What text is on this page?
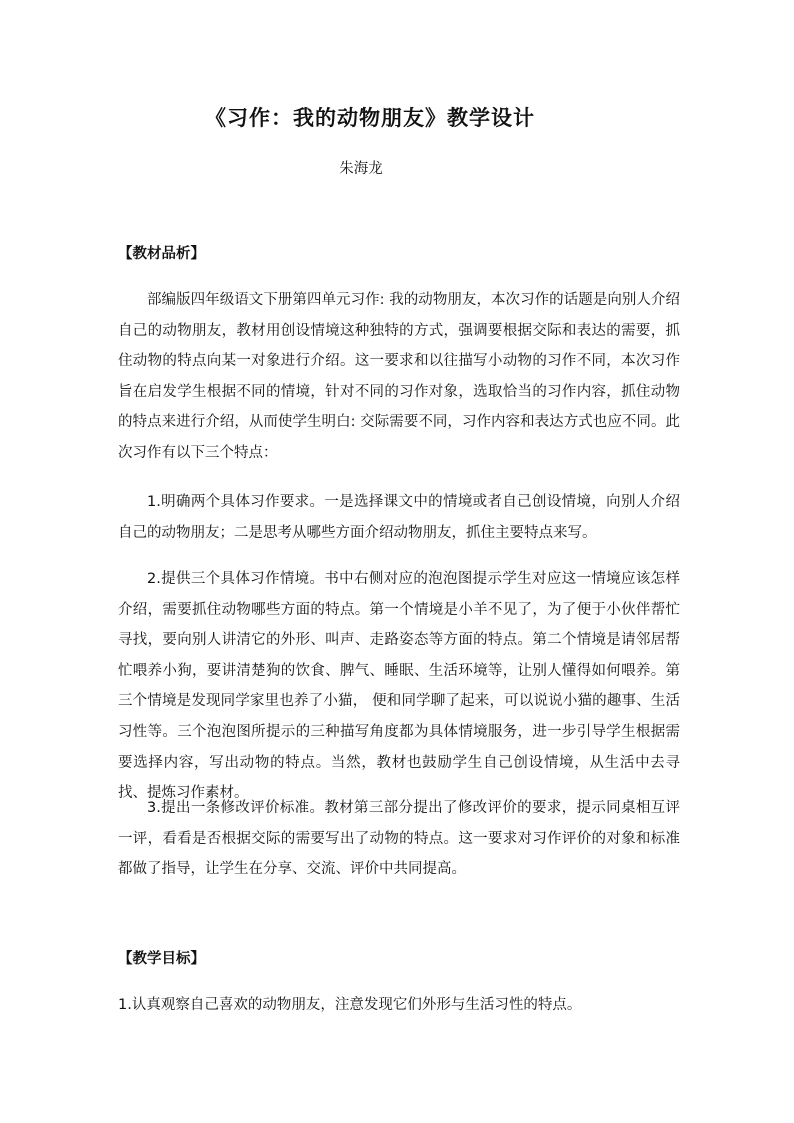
《习作：我的动物朋友》教学设计
朱海龙
【教材品析】

部编版四年级语文下册第四单元习作: 我的动物朋友，本次习作的话题是向别人介绍自己的动物朋友，教材用创设情境这种独特的方式，强调要根据交际和表达的需要，抓住动物的特点向某一对象进行介绍。这一要求和以往描写小动物的习作不同，本次习作旨在启发学生根据不同的情境，针对不同的习作对象，选取恰当的习作内容，抓住动物的特点来进行介绍，从而使学生明白: 交际需要不同，习作内容和表达方式也应不同。此次习作有以下三个特点：

1.明确两个具体习作要求。一是选择课文中的情境或者自己创设情境，向别人介绍自己的动物朋友；二是思考从哪些方面介绍动物朋友，抓住主要特点来写。

2.提供三个具体习作情境。书中右侧对应的泡泡图提示学生对应这一情境应该怎样介绍，需要抓住动物哪些方面的特点。第一个情境是小羊不见了，为了便于小伙伴帮忙寻找，要向别人讲清它的外形、叫声、走路姿态等方面的特点。第二个情境是请邻居帮忙喂养小狗，要讲清楚狗的饮食、脾气、睡眠、生活环境等，让别人懂得如何喂养。第三个情境是发现同学家里也养了小猫， 便和同学聊了起来，可以说说小猫的趣事、生活习性等。三个泡泡图所提示的三种描写角度都为具体情境服务，进一步引导学生根据需要选择内容，写出动物的特点。当然，教材也鼓励学生自己创设情境，从生活中去寻找、提炼习作素材。

3.提出一条修改评价标准。教材第三部分提出了修改评价的要求，提示同桌相互评一评，看看是否根据交际的需要写出了动物的特点。这一要求对习作评价的对象和标准都做了指导，让学生在分享、交流、评价中共同提高。

【教学目标】

1.认真观察自己喜欢的动物朋友，注意发现它们外形与生活习性的特点。
